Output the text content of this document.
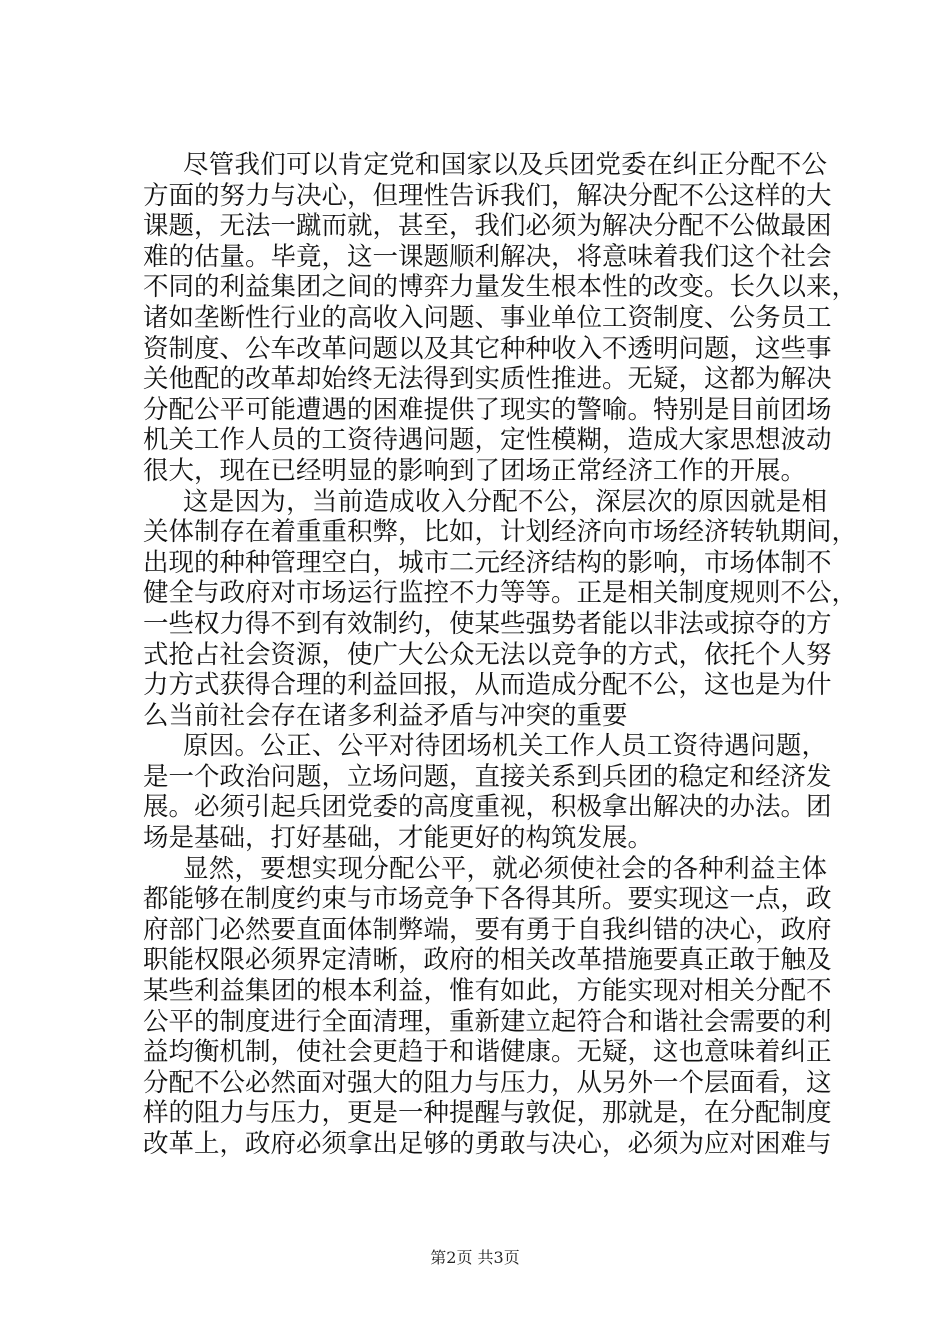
尽管我们可以肯定党和国家以及兵团党委在纠正分配不公
方面的努力与决心，但理性告诉我们，解决分配不公这样的大
课题，无法一蹴而就，甚至，我们必须为解决分配不公做最困
难的估量。毕竟，这一课题顺利解决，将意味着我们这个社会
不同的利益集团之间的博弈力量发生根本性的改变。长久以来，
诸如垄断性行业的高收入问题、事业单位工资制度、公务员工
资制度、公车改革问题以及其它种种收入不透明问题，这些事
关他配的改革却始终无法得到实质性推进。无疑，这都为解决
分配公平可能遭遇的困难提供了现实的警喻。特别是目前团场
机关工作人员的工资待遇问题，定性模糊，造成大家思想波动
很大，现在已经明显的影响到了团场正常经济工作的开展。
这是因为，当前造成收入分配不公，深层次的原因就是相
关体制存在着重重积弊，比如，计划经济向市场经济转轨期间，
出现的种种管理空白，城市二元经济结构的影响，市场体制不
健全与政府对市场运行监控不力等等。正是相关制度规则不公，
一些权力得不到有效制约，使某些强势者能以非法或掠夺的方
式抢占社会资源，使广大公众无法以竞争的方式，依托个人努
力方式获得合理的利益回报，从而造成分配不公，这也是为什
么当前社会存在诸多利益矛盾与冲突的重要
原因。公正、公平对待团场机关工作人员工资待遇问题，
是一个政治问题，立场问题，直接关系到兵团的稳定和经济发
展。必须引起兵团党委的高度重视，积极拿出解决的办法。团
场是基础，打好基础，才能更好的构筑发展。
显然，要想实现分配公平，就必须使社会的各种利益主体
都能够在制度约束与市场竞争下各得其所。要实现这一点，政
府部门必然要直面体制弊端，要有勇于自我纠错的决心，政府
职能权限必须界定清晰，政府的相关改革措施要真正敢于触及
某些利益集团的根本利益，惟有如此，方能实现对相关分配不
公平的制度进行全面清理，重新建立起符合和谐社会需要的利
益均衡机制，使社会更趋于和谐健康。无疑，这也意味着纠正
分配不公必然面对强大的阻力与压力，从另外一个层面看，这
样的阻力与压力，更是一种提醒与敦促，那就是，在分配制度
改革上，政府必须拿出足够的勇敢与决心，必须为应对困难与
第2页 共3页
